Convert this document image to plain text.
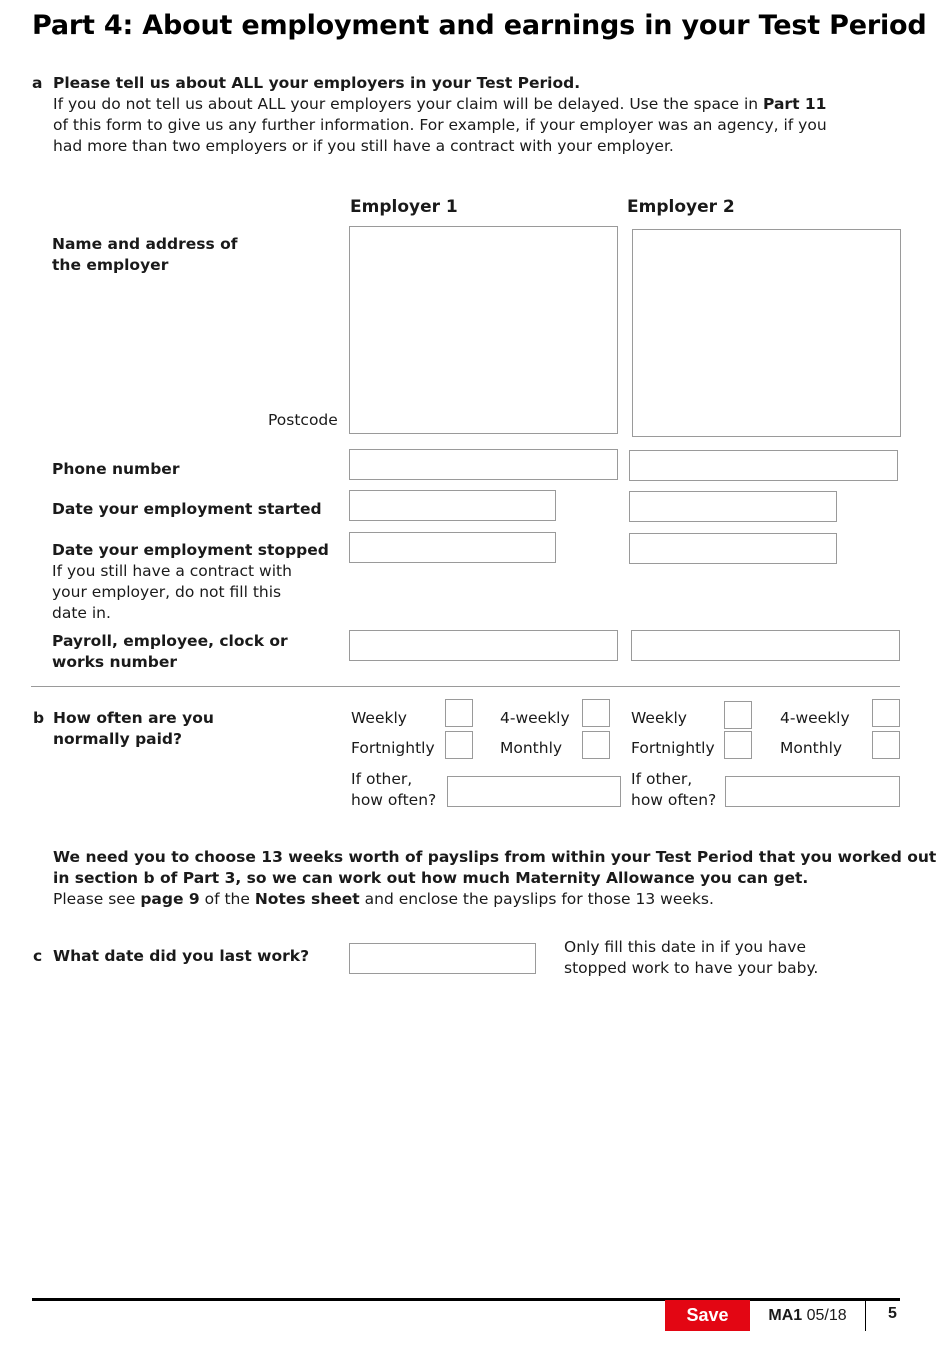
Part 4: About employment and earnings in your Test Period
a Please tell us about ALL your employers in your Test Period.
If you do not tell us about ALL your employers your claim will be delayed. Use the space in Part 11
of this form to give us any further information. For example, if your employer was an agency, if you
had more than two employers or if you still have a contract with your employer.
Employer 1	Employer 2
Name and address of
the employer
Postcode
Phone number
Date your employment started
Date your employment stopped
If you still have a contract with
your employer, do not fill this
date in.
Payroll, employee, clock or
works number
b How often are you
normally paid?
Weekly	4-weekly
Fortnightly	Monthly
If other,
how often?
Weekly	4-weekly
Fortnightly	Monthly
If other,
how often?
We need you to choose 13 weeks worth of payslips from within your Test Period that you worked out
in section b of Part 3, so we can work out how much Maternity Allowance you can get.
Please see page 9 of the Notes sheet and enclose the payslips for those 13 weeks.
c What date did you last work?	Only fill this date in if you have
stopped work to have your baby.
Save	MA1
05/18	5
